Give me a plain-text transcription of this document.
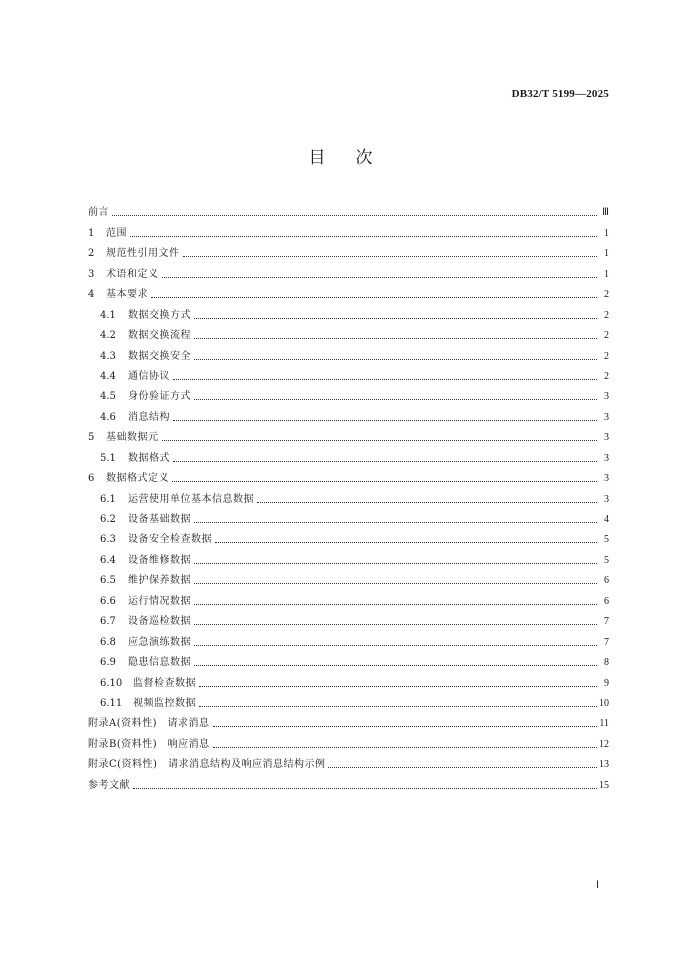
DB32/T 5199—2025
目次
前言	Ⅲ
1	范围	1
2	规范性引用文件	1
3	术语和定义	1
4	基本要求	2
4.1	数据交换方式	2
4.2	数据交换流程	2
4.3	数据交换安全	2
4.4	通信协议	2
4.5	身份验证方式	3
4.6	消息结构	3
5	基础数据元	3
5.1	数据格式	3
6	数据格式定义	3
6.1	运营使用单位基本信息数据	3
6.2	设备基础数据	4
6.3	设备安全检查数据	5
6.4	设备维修数据	5
6.5	维护保养数据	6
6.6	运行情况数据	6
6.7	设备巡检数据	7
6.8	应急演练数据	7
6.9	隐患信息数据	8
6.10	监督检查数据	9
6.11	视频监控数据	10
附录A(资料性)　请求消息	11
附录B(资料性)　响应消息	12
附录C(资料性)　请求消息结构及响应消息结构示例	13
参考文献	15
Ⅰ
